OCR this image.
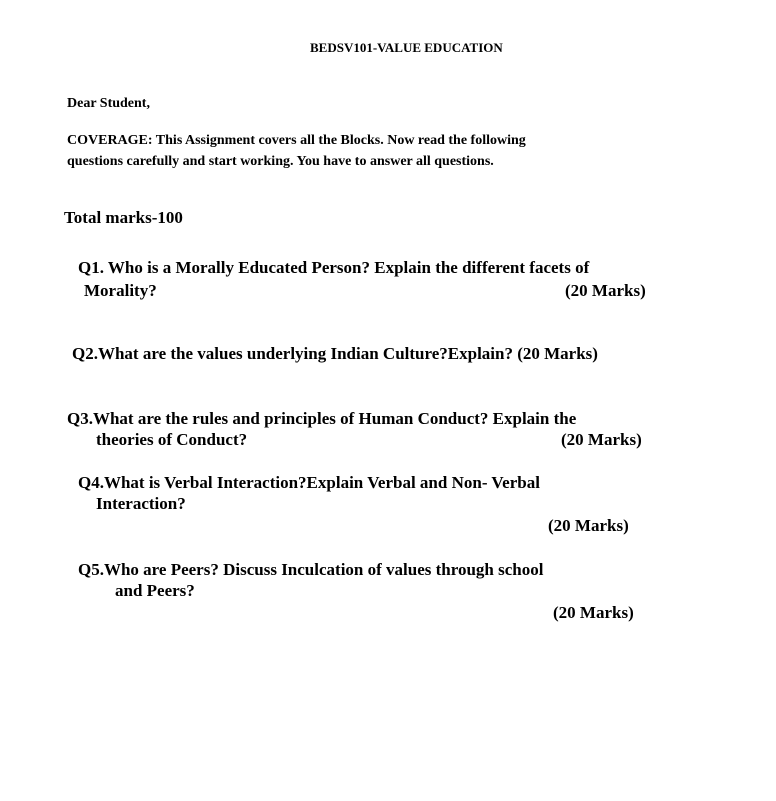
BEDSV101-VALUE EDUCATION
Dear Student,
COVERAGE: This Assignment covers all the Blocks. Now read the following
questions carefully and start working. You have to answer all questions.
Total marks-100
Q1. Who is a Morally Educated Person? Explain the different facets of
Morality?	(20 Marks)
Q2.What are the values underlying Indian Culture?Explain? (20 Marks)
Q3.What are the rules and principles of Human Conduct? Explain the
theories of Conduct?	(20 Marks)
Q4.What is Verbal Interaction?Explain Verbal and Non- Verbal
Interaction?
(20 Marks)
Q5.Who are Peers? Discuss Inculcation of values through school
and Peers?
(20 Marks)
